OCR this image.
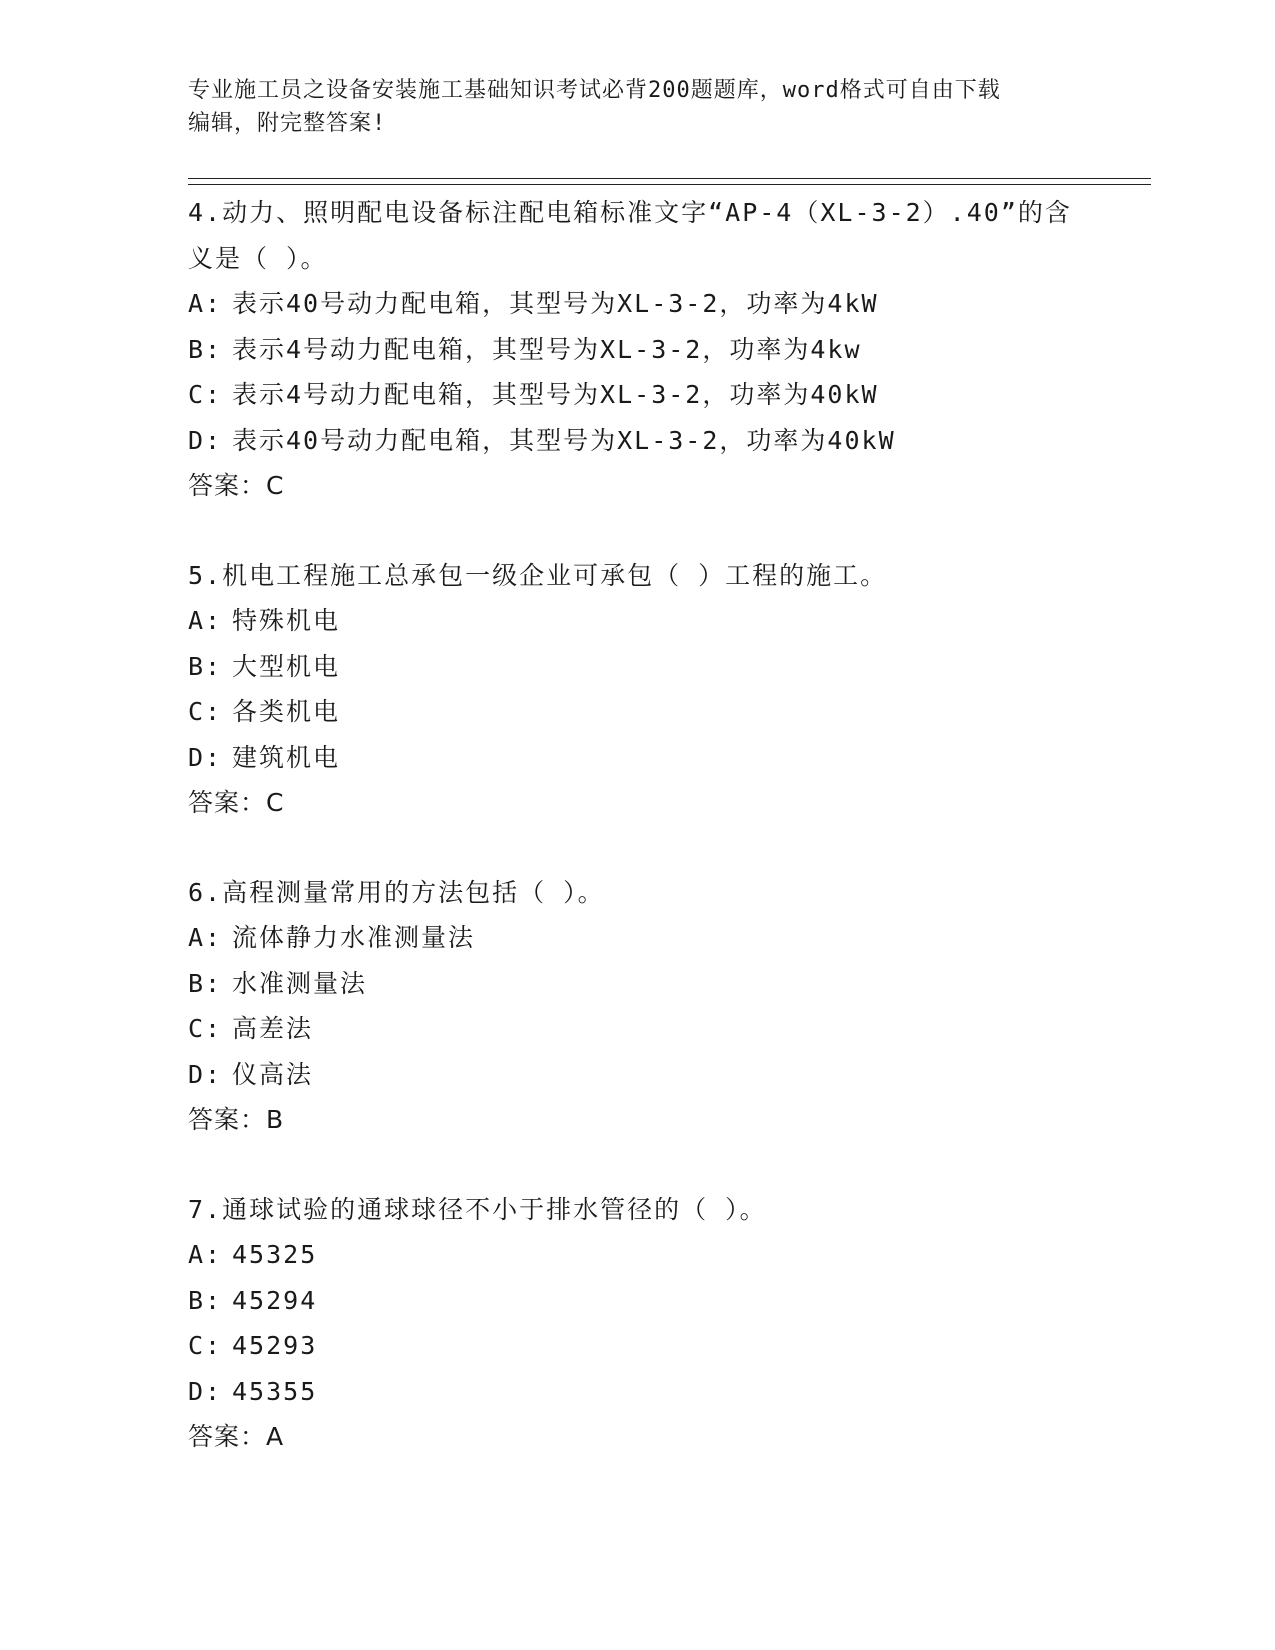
专业施工员之设备安装施工基础知识考试必背200题题库，word格式可自由下载
编辑，附完整答案!
4.动力、照明配电设备标注配电箱标准文字“AP-4（XL-3-2）.40”的含义是（ ）。
A: 表示40号动力配电箱，其型号为XL-3-2，功率为4kW
B: 表示4号动力配电箱，其型号为XL-3-2，功率为4kw
C: 表示4号动力配电箱，其型号为XL-3-2，功率为40kW
D: 表示40号动力配电箱，其型号为XL-3-2，功率为40kW
答案：C
5.机电工程施工总承包一级企业可承包（ ）工程的施工。
A: 特殊机电
B: 大型机电
C: 各类机电
D: 建筑机电
答案：C
6.高程测量常用的方法包括（ ）。
A: 流体静力水准测量法
B: 水准测量法
C: 高差法
D: 仪高法
答案：B
7.通球试验的通球球径不小于排水管径的（ ）。
A: 45325
B: 45294
C: 45293
D: 45355
答案：A
